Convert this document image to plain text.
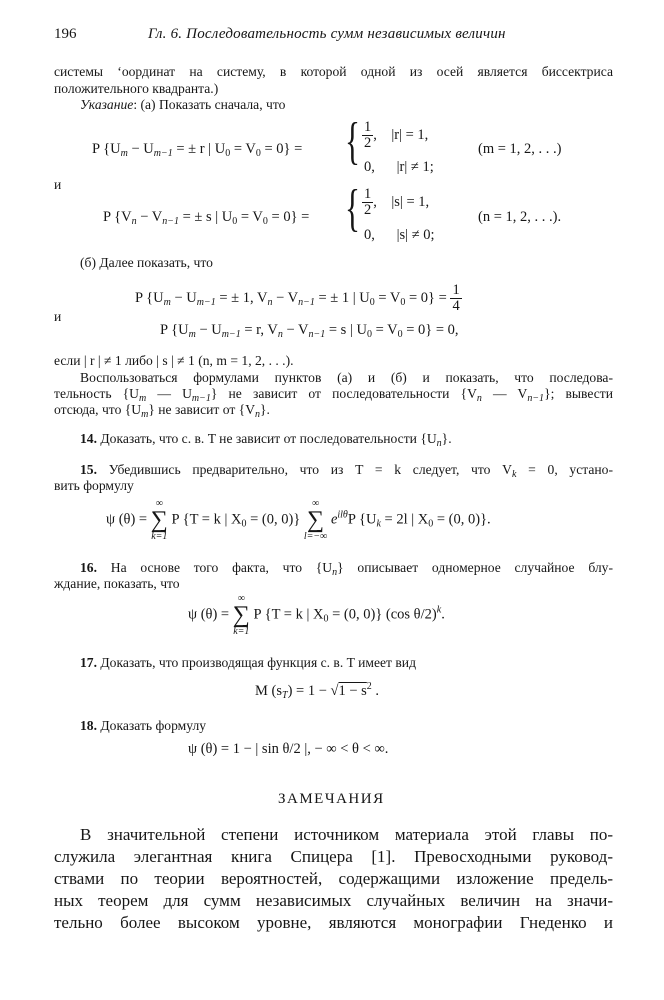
196	Гл. 6. Последовательность сумм независимых величин
системы ‘оординат на систему, в которой одной из осей является биссектриса
положительного квадранта.)
Указание: (а) Показать сначала, что
P {$U_m - U_{m-1}$ = ± r | $U_0 = V_0 = 0$} = { $\frac{1}{2}$ ,    |r| = 1,
0, |r| ≠ 1;
(m = 1, 2, . . .)
и
P {$V_n - V_{n-1}$ = ± s | $U_0 = V_0 = 0$} = { $\frac{1}{2}$ ,    |s| = 1,
0, |s| ≠ 0;
(n = 1, 2, . . .).
(б) Далее показать, что
P {$U_m - U_{m-1}$ = ± 1, $V_n - V_{n-1}$ = ± 1 | $U_0 = V_0 = 0\} = \frac{1}{4}$
и
P {$U_m - U_{m-1} = r$, $V_n - V_{n-1} = s$ | $U_0 = V_0 = 0\} = 0$,
если | r | ≠ 1 либо | s | ≠ 1 (n, m = 1, 2, . . .).
Воспользоваться формулами пунктов (а) и (б) и показать, что последова-
тельность {$U_m$ — $U_{m-1}$} не зависит от последовательности {$V_n$ — $V_{n-1}$}; вывести
отсюда, что $\{U_m\}$ не зависит от $\{V_n\}$.
14. Доказать, что с. в. T не зависит от последовательности $\{U_n\}$.
15. Убедившись предварительно, что из T = k следует, что $V_k = 0$, устано-
вить формулу
ψ (θ) =
∞
∑
k=1
P {T = k | $X_0 = (0$, 0)}
∞
∑
l=−∞
$e^{il\theta}P$ {$U_k = 2l$ | $X_0 = (0$, 0)}.
16. На основе того факта, что $\{U_n\}$ описывает одномерное случайное блу-
ждание, показать, что
ψ (θ) =
∞
∑
k=1
P {T = k | $X_0 = (0$, 0)} (cos θ/2)$^k$.
17. Доказать, что производящая функция с. в. T имеет вид
M $(s_T) = 1 - √1 - s^2$ .
18. Доказать формулу
ψ (θ) = 1 − | sin θ/2 |, − ∞ < θ < ∞.
ЗАМЕЧАНИЯ
В значительной степени источником материала этой главы по-
служила элегантная книга Спицера [1]. Превосходными руковод-
ствами по теории вероятностей, содержащими изложение предель-
ных теорем для сумм независимых случайных величин на значи-
тельно более высоком уровне, являются монографии Гнеденко и
